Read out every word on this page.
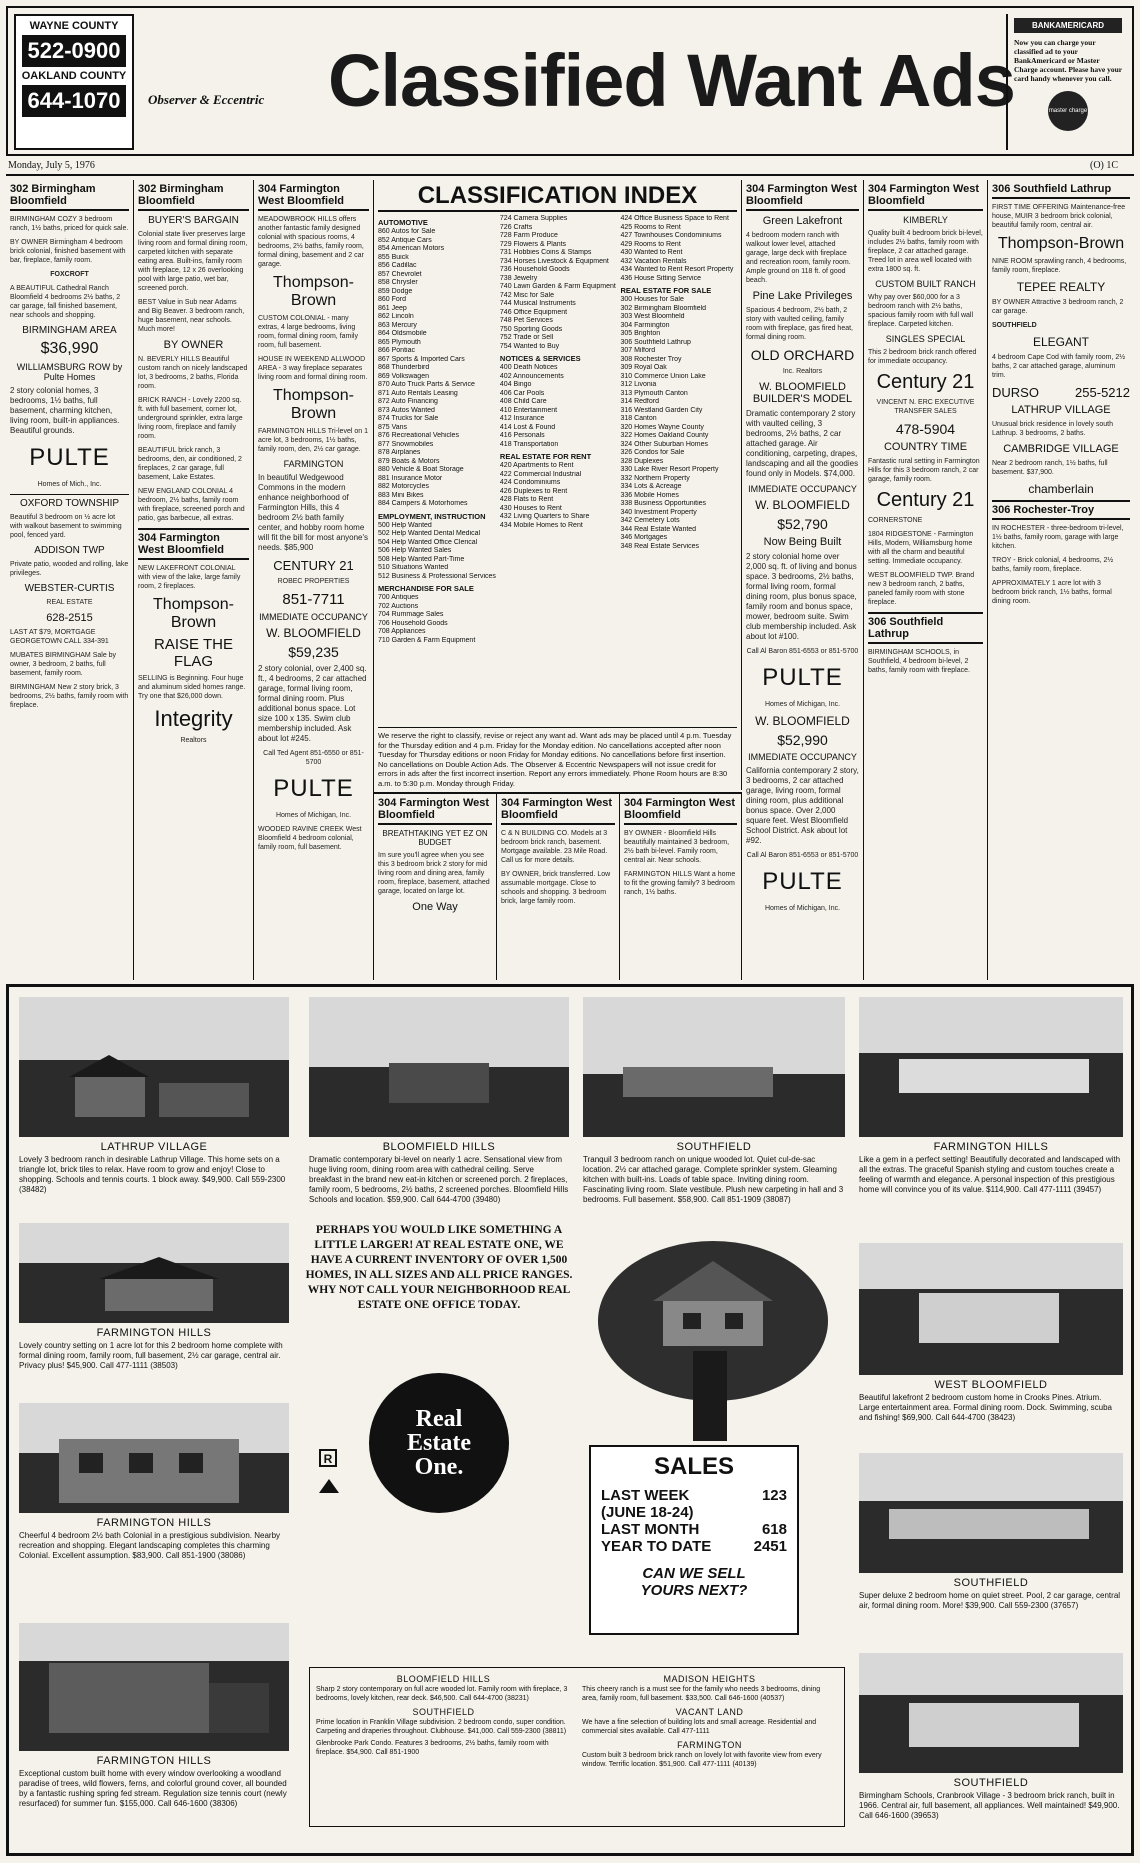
WAYNE COUNTY
522-0900
OAKLAND COUNTY
644-1070	Observer & Eccentric Classified Want Ads
BANKAMERICARD
Now you can charge your classified ad to your BankAmericard or Master Charge account. Please have your card handy whenever you call.
master charge
Monday, July 5, 1976	(O) 1C
302 Birmingham Bloomfield

BIRMINGHAM COZY 3 bedroom ranch, 1½ baths, priced for quick sale.

BY OWNER Birmingham 4 bedroom brick colonial, finished basement with bar, fireplace, family room.

FOXCROFT

A BEAUTIFUL Cathedral Ranch Bloomfield 4 bedrooms 2½ baths, 2 car garage, fall finished basement, near schools and shopping.

BIRMINGHAM AREA
$36,990
WILLIAMSBURG ROW by Pulte Homes

2 story colonial homes, 3 bedrooms, 1½ baths, full basement, charming kitchen, living room, built-in appliances. Beautiful grounds.

PULTE
Homes of Mich., Inc.
OXFORD TOWNSHIP

Beautiful 3 bedroom on ½ acre lot with walkout basement to swimming pool, fenced yard.

ADDISON TWP

Private patio, wooded and rolling, lake privileges.

WEBSTER-CURTIS
REAL ESTATE
628-2515

LAST AT $79, MORTGAGE GEORGETOWN CALL 334-391

MUBATES BIRMINGHAM Sale by owner, 3 bedroom, 2 baths, full basement, family room.

BIRMINGHAM New 2 story brick, 3 bedrooms, 2½ baths, family room with fireplace.

302 Birmingham Bloomfield
BUYER'S BARGAIN

Colonial state liver preserves large living room and formal dining room, carpeted kitchen with separate eating area. Built-ins, family room with fireplace, 12 x 26 overlooking pool with large patio, wet bar, screened porch.

BEST Value in Sub near Adams and Big Beaver. 3 bedroom ranch, huge basement, near schools. Much more!

BY OWNER

N. BEVERLY HILLS Beautiful custom ranch on nicely landscaped lot, 3 bedrooms, 2 baths, Florida room.

BRICK RANCH - Lovely 2200 sq. ft. with full basement, corner lot, underground sprinkler, extra large living room, fireplace and family room.

BEAUTIFUL brick ranch, 3 bedrooms, den, air conditioned, 2 fireplaces, 2 car garage, full basement, Lake Estates.

NEW ENGLAND COLONIAL 4 bedroom, 2½ baths, family room with fireplace, screened porch and patio, gas barbecue, all extras.

304 Farmington West Bloomfield

NEW LAKEFRONT COLONIAL with view of the lake, large family room, 2 fireplaces.

Thompson-Brown
RAISE THE FLAG

SELLING is Beginning. Four huge and aluminum sided homes range. Try one that $26,000 down.

Integrity
Realtors
304 Farmington West Bloomfield

MEADOWBROOK HILLS offers another fantastic family designed colonial with spacious rooms, 4 bedrooms, 2½ baths, family room, formal dining, basement and 2 car garage.

Thompson-Brown

CUSTOM COLONIAL - many extras, 4 large bedrooms, living room, formal dining room, family room, full basement.

HOUSE IN WEEKEND ALLWOOD AREA - 3 way fireplace separates living room and formal dining room.

Thompson-Brown

FARMINGTON HILLS Tri-level on 1 acre lot, 3 bedrooms, 1½ baths, family room, den, 2½ car garage.

FARMINGTON

In beautiful Wedgewood Commons in the modern enhance neighborhood of Farmington Hills, this 4 bedroom 2½ bath family center, and hobby room home will fit the bill for most anyone's needs. $85,900

CENTURY 21
ROBEC PROPERTIES
851-7711
IMMEDIATE OCCUPANCY
W. BLOOMFIELD
$59,235

2 story colonial, over 2,400 sq. ft., 4 bedrooms, 2 car attached garage, formal living room, formal dining room. Plus additional bonus space. Lot size 100 x 135. Swim club membership included. Ask about lot #245.

Call Ted Agent 851-6550 or 851-5700

PULTE
Homes of Michigan, Inc.

WOODED RAVINE CREEK West Bloomfield 4 bedroom colonial, family room, full basement.

CLASSIFICATION INDEX
AUTOMOTIVE
860 Autos for Sale
852 Antique Cars
854 American Motors
855 Buick
856 Cadillac
857 Chevrolet
858 Chrysler
859 Dodge
860 Ford
861 Jeep
862 Lincoln
863 Mercury
864 Oldsmobile
865 Plymouth
866 Pontiac
867 Sports & Imported Cars
868 Thunderbird
869 Volkswagen
870 Auto Truck Parts & Service
871 Auto Rentals Leasing
872 Auto Financing
873 Autos Wanted
874 Trucks for Sale
875 Vans
876 Recreational Vehicles
877 Snowmobiles
878 Airplanes
879 Boats & Motors
880 Vehicle & Boat Storage
881 Insurance Motor
882 Motorcycles
883 Mini Bikes
884 Campers & Motorhomes
EMPLOYMENT, INSTRUCTION
500 Help Wanted
502 Help Wanted Dental Medical
504 Help Wanted Office Clerical
506 Help Wanted Sales
508 Help Wanted Part-Time
510 Situations Wanted
512 Business & Professional Services
MERCHANDISE FOR SALE
700 Antiques
702 Auctions
704 Rummage Sales
706 Household Goods
708 Appliances
710 Garden & Farm Equipment
724 Camera Supplies
726 Crafts
728 Farm Produce
729 Flowers & Plants
731 Hobbies Coins & Stamps
734 Horses Livestock & Equipment
736 Household Goods
738 Jewelry
740 Lawn Garden & Farm Equipment
742 Misc for Sale
744 Musical Instruments
746 Office Equipment
748 Pet Services
750 Sporting Goods
752 Trade or Sell
754 Wanted to Buy
NOTICES & SERVICES
400 Death Notices
402 Announcements
404 Bingo
406 Car Pools
408 Child Care
410 Entertainment
412 Insurance
414 Lost & Found
416 Personals
418 Transportation
REAL ESTATE FOR RENT
420 Apartments to Rent
422 Commercial Industrial
424 Condominiums
426 Duplexes to Rent
428 Flats to Rent
430 Houses to Rent
432 Living Quarters to Share
434 Mobile Homes to Rent
424 Office Business Space to Rent
425 Rooms to Rent
427 Townhouses Condominiums
429 Rooms to Rent
430 Wanted to Rent
432 Vacation Rentals
434 Wanted to Rent Resort Property
436 House Sitting Service
REAL ESTATE FOR SALE
300 Houses for Sale
302 Birmingham Bloomfield
303 West Bloomfield
304 Farmington
305 Brighton
306 Southfield Lathrup
307 Milford
308 Rochester Troy
309 Royal Oak
310 Commerce Union Lake
312 Livonia
313 Plymouth Canton
314 Redford
316 Westland Garden City
318 Canton
320 Homes Wayne County
322 Homes Oakland County
324 Other Suburban Homes
326 Condos for Sale
328 Duplexes
330 Lake River Resort Property
332 Northern Property
334 Lots & Acreage
336 Mobile Homes
338 Business Opportunities
340 Investment Property
342 Cemetery Lots
344 Real Estate Wanted
346 Mortgages
348 Real Estate Services
We reserve the right to classify, revise or reject any want ad. Want ads may be placed until 4 p.m. Tuesday for the Thursday edition and 4 p.m. Friday for the Monday edition. No cancellations accepted after noon Tuesday for Thursday editions or noon Friday for Monday editions. No cancellations before first insertion. No cancellations on Double Action Ads. The Observer & Eccentric Newspapers will not issue credit for errors in ads after the first incorrect insertion. Report any errors immediately. Phone Room hours are 8:30 a.m. to 5:30 p.m. Monday through Friday.
304 Farmington West Bloomfield
BREATHTAKING YET EZ ON BUDGET

Im sure you'll agree when you see this 3 bedroom brick 2 story for mid living room and dining area, family room, fireplace, basement, attached garage, located on large lot.

One Way
304 Farmington West Bloomfield

C & N BUILDING CO. Models at 3 bedroom brick ranch, basement. Mortgage available. 23 Mile Road. Call us for more details.

BY OWNER, brick transferred. Low assumable mortgage. Close to schools and shopping. 3 bedroom brick, large family room.

304 Farmington West Bloomfield

BY OWNER - Bloomfield Hills beautifully maintained 3 bedroom, 2½ bath bi-level. Family room, central air. Near schools.

FARMINGTON HILLS Want a home to fit the growing family? 3 bedroom ranch, 1½ baths.

304 Farmington West Bloomfield
Green Lakefront

4 bedroom modern ranch with walkout lower level, attached garage, large deck with fireplace and recreation room, family room. Ample ground on 118 ft. of good beach.

Pine Lake Privileges

Spacious 4 bedroom, 2½ bath, 2 story with vaulted ceiling, family room with fireplace, gas fired heat, formal dining room.

OLD ORCHARD
Inc. Realtors
W. BLOOMFIELD BUILDER'S MODEL

Dramatic contemporary 2 story with vaulted ceiling, 3 bedrooms, 2½ baths, 2 car attached garage. Air conditioning, carpeting, drapes, landscaping and all the goodies found only in Models. $74,000.

IMMEDIATE OCCUPANCY
W. BLOOMFIELD
$52,790
Now Being Built

2 story colonial home over 2,000 sq. ft. of living and bonus space. 3 bedrooms, 2½ baths, formal living room, formal dining room, plus bonus space, family room and bonus space, mower, bedroom suite. Swim club membership included. Ask about lot #100.

Call Al Baron 851-6553 or 851-5700

PULTE
Homes of Michigan, Inc.
W. BLOOMFIELD
$52,990
IMMEDIATE OCCUPANCY

California contemporary 2 story, 3 bedrooms, 2 car attached garage, living room, formal dining room, plus additional bonus space. Over 2,000 square feet. West Bloomfield School District. Ask about lot #92.

Call Al Baron 851-6553 or 851-5700

PULTE
Homes of Michigan, Inc.
304 Farmington West Bloomfield
KIMBERLY

Quality built 4 bedroom brick bi-level, includes 2½ baths, family room with fireplace, 2 car attached garage. Treed lot in area well located with extra 1800 sq. ft.

CUSTOM BUILT RANCH

Why pay over $60,000 for a 3 bedroom ranch with 2½ baths, spacious family room with full wall fireplace. Carpeted kitchen.

SINGLES SPECIAL

This 2 bedroom brick ranch offered for immediate occupancy.

Century 21
VINCENT N. ERC EXECUTIVE TRANSFER SALES
478-5904
COUNTRY TIME

Fantastic rural setting in Farmington Hills for this 3 bedroom ranch, 2 car garage, family room.

Century 21
CORNERSTONE

1804 RIDGESTONE - Farmington Hills, Modern, Williamsburg home with all the charm and beautiful setting. Immediate occupancy.

WEST BLOOMFIELD TWP. Brand new 3 bedroom ranch, 2 baths, paneled family room with stone fireplace.

306 Southfield Lathrup

BIRMINGHAM SCHOOLS, in Southfield, 4 bedroom bi-level, 2 baths, family room with fireplace.

306 Southfield Lathrup

FIRST TIME OFFERING Maintenance-free house, MUIR 3 bedroom brick colonial, beautiful family room, central air.

Thompson-Brown

NINE ROOM sprawling ranch, 4 bedrooms, family room, fireplace.

TEPEE REALTY

BY OWNER Attractive 3 bedroom ranch, 2 car garage.

SOUTHFIELD
ELEGANT

4 bedroom Cape Cod with family room, 2½ baths, 2 car attached garage, aluminum trim.

DURSO	255-5212
LATHRUP VILLAGE

Unusual brick residence in lovely south Lathrup. 3 bedrooms, 2 baths.

CAMBRIDGE VILLAGE

Near 2 bedroom ranch, 1½ baths, full basement. $37,900.

chamberlain
306 Rochester-Troy

IN ROCHESTER - three-bedroom tri-level, 1½ baths, family room, garage with large kitchen.

TROY - Brick colonial, 4 bedrooms, 2½ baths, family room, fireplace.

APPROXIMATELY 1 acre lot with 3 bedroom brick ranch, 1½ baths, formal dining room.

LATHRUP VILLAGE
Lovely 3 bedroom ranch in desirable Lathrup Village. This home sets on a triangle lot, brick tiles to relax. Have room to grow and enjoy! Close to shopping. Schools and tennis courts. 1 block away. $49,900. Call 559-2300 (38482)
FARMINGTON HILLS
Lovely country setting on 1 acre lot for this 2 bedroom home complete with formal dining room, family room, full basement, 2½ car garage, central air. Privacy plus! $45,900. Call 477-1111 (38503)
FARMINGTON HILLS
Cheerful 4 bedroom 2½ bath Colonial in a prestigious subdivision. Nearby recreation and shopping. Elegant landscaping completes this charming Colonial. Excellent assumption. $83,900. Call 851-1900 (38086)
FARMINGTON HILLS
Exceptional custom built home with every window overlooking a woodland paradise of trees, wild flowers, ferns, and colorful ground cover, all bounded by a fantastic rushing spring fed stream. Regulation size tennis court (newly resurfaced) for summer fun. $155,000. Call 646-1600 (38306)
BLOOMFIELD HILLS
Dramatic contemporary bi-level on nearly 1 acre. Sensational view from huge living room, dining room area with cathedral ceiling. Serve breakfast in the brand new eat-in kitchen or screened porch. 2 fireplaces, family room, 5 bedrooms, 2½ baths, 2 screened porches. Bloomfield Hills Schools and location. $59,900. Call 644-4700 (39480)
SOUTHFIELD
Tranquil 3 bedroom ranch on unique wooded lot. Quiet cul-de-sac location. 2½ car attached garage. Complete sprinkler system. Gleaming kitchen with built-ins. Loads of table space. Inviting dining room. Fascinating living room. Slate vestibule. Plush new carpeting in hall and 3 bedrooms. Full basement. $58,900. Call 851-1909 (38087)
PERHAPS YOU WOULD LIKE SOMETHING A LITTLE LARGER! AT REAL ESTATE ONE, WE HAVE A CURRENT INVENTORY OF OVER 1,500 HOMES, IN ALL SIZES AND ALL PRICE RANGES. WHY NOT CALL YOUR NEIGHBORHOOD REAL ESTATE ONE OFFICE TODAY.
Real
Estate
One.
R	SALES
LAST WEEK	123
(JUNE 18-24)
LAST MONTH	618
YEAR TO DATE	2451
CAN WE SELL
YOURS NEXT?
BLOOMFIELD HILLS
Sharp 2 story contemporary on full acre wooded lot. Family room with fireplace, 3 bedrooms, lovely kitchen, rear deck. $46,500. Call 644-4700 (38231)
SOUTHFIELD
Prime location in Franklin Village subdivision. 2 bedroom condo, super condition. Carpeting and draperies throughout. Clubhouse. $41,000. Call 559-2300 (38811)
Glenbrooke Park Condo. Features 3 bedrooms, 2½ baths, family room with fireplace. $54,900. Call 851-1900
MADISON HEIGHTS
This cheery ranch is a must see for the family who needs 3 bedrooms, dining area, family room, full basement. $33,500. Call 646-1600 (40537)
VACANT LAND
We have a fine selection of building lots and small acreage. Residential and commercial sites available. Call 477-1111
FARMINGTON
Custom built 3 bedroom brick ranch on lovely lot with favorite view from every window. Terrific location. $51,900. Call 477-1111 (40139)
FARMINGTON HILLS
Like a gem in a perfect setting! Beautifully decorated and landscaped with all the extras. The graceful Spanish styling and custom touches create a feeling of warmth and elegance. A personal inspection of this prestigious home will convince you of its value. $114,900. Call 477-1111 (39457)
WEST BLOOMFIELD
Beautiful lakefront 2 bedroom custom home in Crooks Pines. Atrium. Large entertainment area. Formal dining room. Dock. Swimming, scuba and fishing! $69,900. Call 644-4700 (38423)
SOUTHFIELD
Super deluxe 2 bedroom home on quiet street. Pool, 2 car garage, central air, formal dining room. More! $39,900. Call 559-2300 (37657)
SOUTHFIELD
Birmingham Schools, Cranbrook Village - 3 bedroom brick ranch, built in 1966. Central air, full basement, all appliances. Well maintained! $49,900. Call 646-1600 (39653)
